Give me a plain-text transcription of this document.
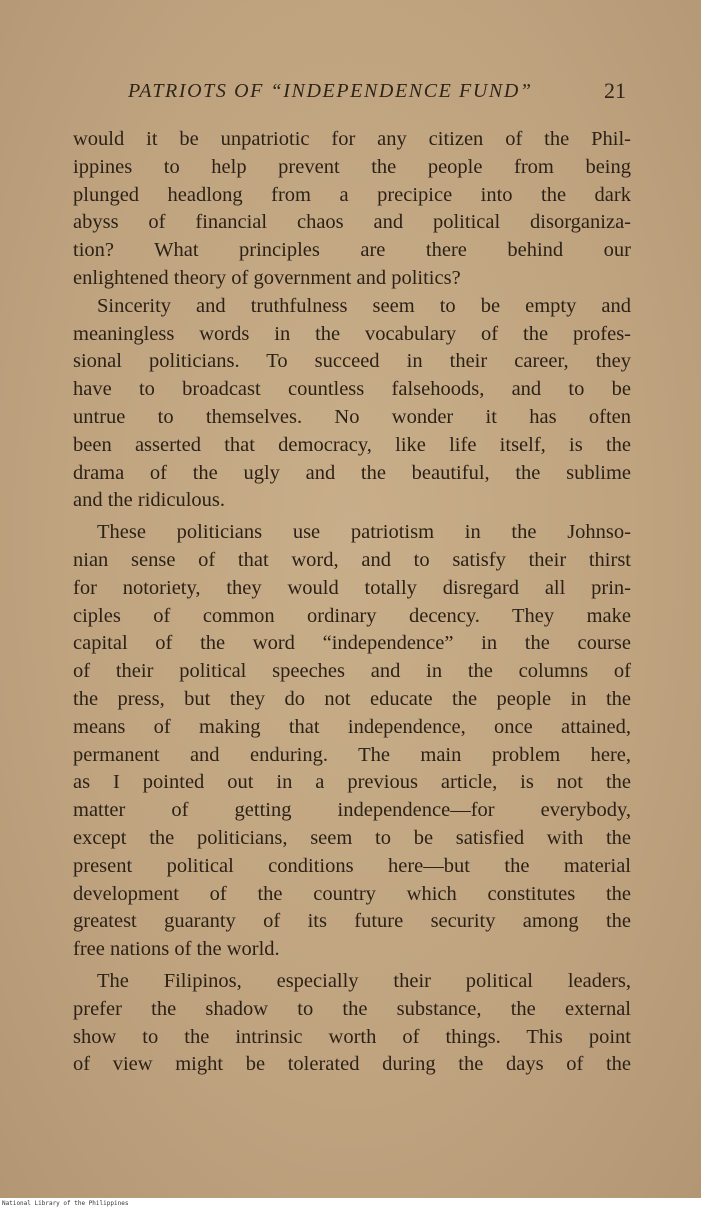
PATRIOTS OF “INDEPENDENCE FUND”	21
would it be unpatriotic for any citizen of the Phil-
ippines to help prevent the people from being
plunged headlong from a precipice into the dark
abyss of financial chaos and political disorganiza-
tion? What principles are there behind our
enlightened theory of government and politics?
Sincerity and truthfulness seem to be empty and
meaningless words in the vocabulary of the profes-
sional politicians. To succeed in their career, they
have to broadcast countless falsehoods, and to be
untrue to themselves. No wonder it has often
been asserted that democracy, like life itself, is the
drama of the ugly and the beautiful, the sublime
and the ridiculous.
These politicians use patriotism in the Johnso-
nian sense of that word, and to satisfy their thirst
for notoriety, they would totally disregard all prin-
ciples of common ordinary decency. They make
capital of the word “independence” in the course
of their political speeches and in the columns of
the press, but they do not educate the people in the
means of making that independence, once attained,
permanent and enduring. The main problem here,
as I pointed out in a previous article, is not the
matter of getting independence—for everybody,
except the politicians, seem to be satisfied with the
present political conditions here—but the material
development of the country which constitutes the
greatest guaranty of its future security among the
free nations of the world.
The Filipinos, especially their political leaders,
prefer the shadow to the substance, the external
show to the intrinsic worth of things. This point
of view might be tolerated during the days of the
National Library of the Philippines
